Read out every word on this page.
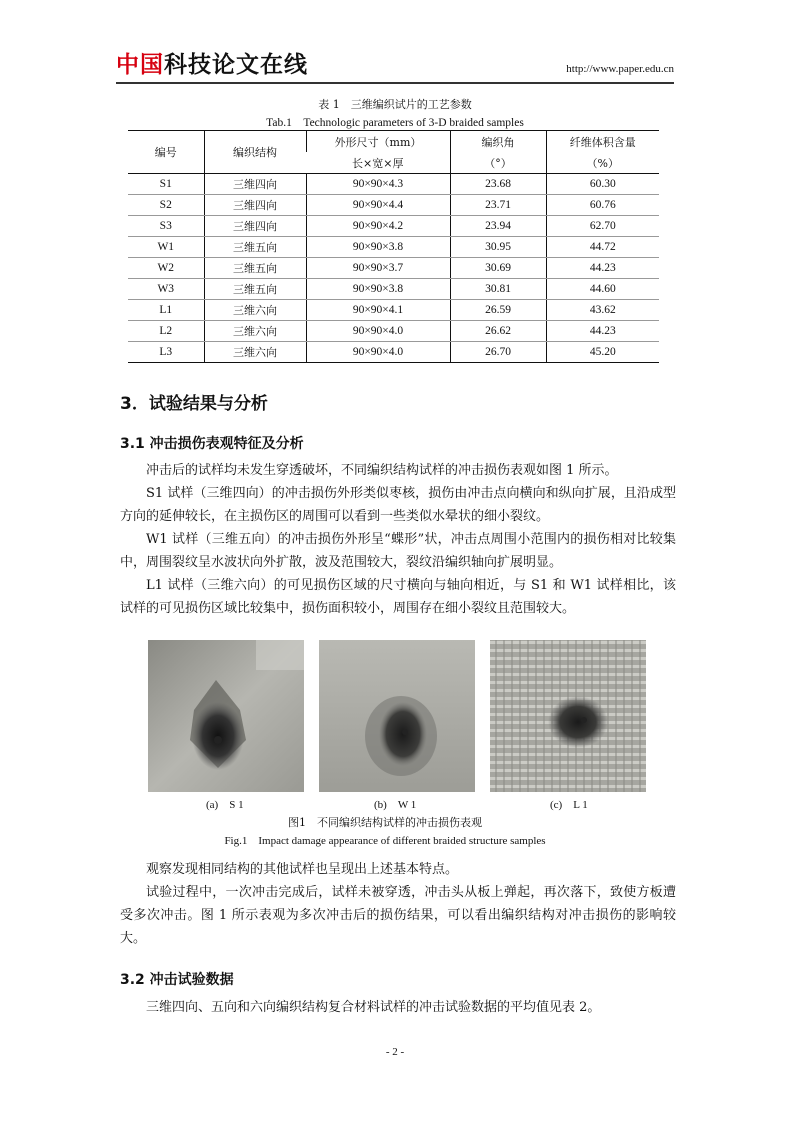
中国科技论文在线	http://www.paper.edu.cn
表 1　三维编织试片的工艺参数
Tab.1　Technologic parameters of 3-D braided samples
编号	编织结构	外形尺寸（mm）	编织角	纤维体积含量
		长×宽×厚	（°）	（%）
S1	三维四向	90×90×4.3	23.68	60.30
S2	三维四向	90×90×4.4	23.71	60.76
S3	三维四向	90×90×4.2	23.94	62.70
W1	三维五向	90×90×3.8	30.95	44.72
W2	三维五向	90×90×3.7	30.69	44.23
W3	三维五向	90×90×3.8	30.81	44.60
L1	三维六向	90×90×4.1	26.59	43.62
L2	三维六向	90×90×4.0	26.62	44.23
L3	三维六向	90×90×4.0	26.70	45.20
3．试验结果与分析
3.1 冲击损伤表观特征及分析

冲击后的试样均未发生穿透破坏，不同编织结构试样的冲击损伤表观如图 1 所示。

S1 试样（三维四向）的冲击损伤外形类似枣核，损伤由冲击点向横向和纵向扩展，且沿成型方向的延伸较长，在主损伤区的周围可以看到一些类似水晕状的细小裂纹。

W1 试样（三维五向）的冲击损伤外形呈“蝶形”状，冲击点周围小范围内的损伤相对比较集中，周围裂纹呈水波状向外扩散，波及范围较大，裂纹沿编织轴向扩展明显。

L1 试样（三维六向）的可见损伤区域的尺寸横向与轴向相近，与 S1 和 W1 试样相比，该试样的可见损伤区域比较集中，损伤面积较小，周围存在细小裂纹且范围较大。

(a)　S 1	(b)　W 1	(c)　L 1
图1　不同编织结构试样的冲击损伤表观
Fig.1　Impact damage appearance of different braided structure samples

观察发现相同结构的其他试样也呈现出上述基本特点。

试验过程中，一次冲击完成后，试样未被穿透，冲击头从板上弹起，再次落下，致使方板遭受多次冲击。图 1 所示表观为多次冲击后的损伤结果，可以看出编织结构对冲击损伤的影响较大。

3.2 冲击试验数据

三维四向、五向和六向编织结构复合材料试样的冲击试验数据的平均值见表 2。

- 2 -
